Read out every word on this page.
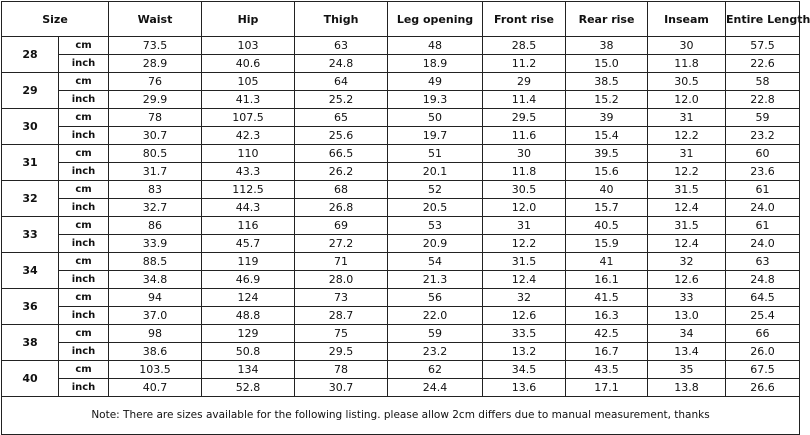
Size		Waist	Hip	Thigh	Leg opening	Front rise	Rear rise	Inseam	Entire Length
28	cm	73.5	103	63	48	28.5	38	30	57.5
	inch	28.9	40.6	24.8	18.9	11.2	15.0	11.8	22.6
29	cm	76	105	64	49	29	38.5	30.5	58
	inch	29.9	41.3	25.2	19.3	11.4	15.2	12.0	22.8
30	cm	78	107.5	65	50	29.5	39	31	59
	inch	30.7	42.3	25.6	19.7	11.6	15.4	12.2	23.2
31	cm	80.5	110	66.5	51	30	39.5	31	60
	inch	31.7	43.3	26.2	20.1	11.8	15.6	12.2	23.6
32	cm	83	112.5	68	52	30.5	40	31.5	61
	inch	32.7	44.3	26.8	20.5	12.0	15.7	12.4	24.0
33	cm	86	116	69	53	31	40.5	31.5	61
	inch	33.9	45.7	27.2	20.9	12.2	15.9	12.4	24.0
34	cm	88.5	119	71	54	31.5	41	32	63
	inch	34.8	46.9	28.0	21.3	12.4	16.1	12.6	24.8
36	cm	94	124	73	56	32	41.5	33	64.5
	inch	37.0	48.8	28.7	22.0	12.6	16.3	13.0	25.4
38	cm	98	129	75	59	33.5	42.5	34	66
	inch	38.6	50.8	29.5	23.2	13.2	16.7	13.4	26.0
40	cm	103.5	134	78	62	34.5	43.5	35	67.5
	inch	40.7	52.8	30.7	24.4	13.6	17.1	13.8	26.6
Note: There are sizes available for the following listing. please allow 2cm differs due to manual measurement, thanks									
